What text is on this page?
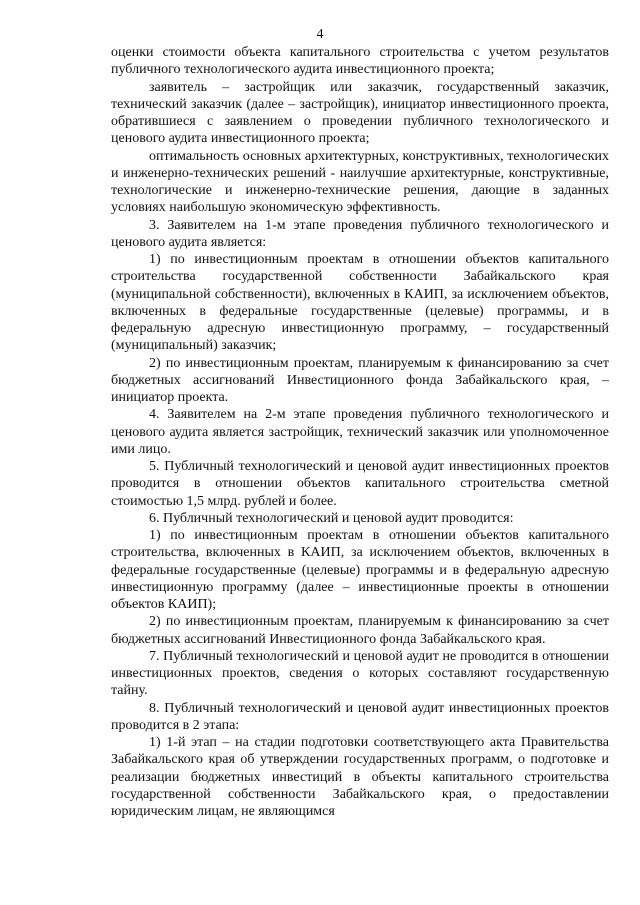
4

оценки стоимости объекта капитального строительства с учетом результатов публичного технологического аудита инвестиционного проекта;

заявитель – застройщик или заказчик, государственный заказчик, технический заказчик (далее – застройщик), инициатор инвестиционного проекта, обратившиеся с заявлением о проведении публичного технологического и ценового аудита инвестиционного проекта;

оптимальность основных архитектурных, конструктивных, технологических и инженерно-технических решений - наилучшие архитектурные, конструктивные, технологические и инженерно-технические решения, дающие в заданных условиях наибольшую экономическую эффективность.

3. Заявителем на 1-м этапе проведения публичного технологического и ценового аудита является:

1) по инвестиционным проектам в отношении объектов капитального строительства государственной собственности Забайкальского края (муниципальной собственности), включенных в КАИП, за исключением объектов, включенных в федеральные государственные (целевые) программы, и в федеральную адресную инвестиционную программу, – государственный (муниципальный) заказчик;

2) по инвестиционным проектам, планируемым к финансированию за счет бюджетных ассигнований Инвестиционного фонда Забайкальского края, – инициатор проекта.

4. Заявителем на 2-м этапе проведения публичного технологического и ценового аудита является застройщик, технический заказчик или уполномоченное ими лицо.

5. Публичный технологический и ценовой аудит инвестиционных проектов проводится в отношении объектов капитального строительства сметной стоимостью 1,5 млрд. рублей и более.

6. Публичный технологический и ценовой аудит проводится:

1) по инвестиционным проектам в отношении объектов капитального строительства, включенных в КАИП, за исключением объектов, включенных в федеральные государственные (целевые) программы и в федеральную адресную инвестиционную программу (далее – инвестиционные проекты в отношении объектов КАИП);

2) по инвестиционным проектам, планируемым к финансированию за счет бюджетных ассигнований Инвестиционного фонда Забайкальского края.

7. Публичный технологический и ценовой аудит не проводится в отношении инвестиционных проектов, сведения о которых составляют государственную тайну.

8. Публичный технологический и ценовой аудит инвестиционных проектов проводится в 2 этапа:

1) 1-й этап – на стадии подготовки соответствующего акта Правительства Забайкальского края об утверждении государственных программ, о подготовке и реализации бюджетных инвестиций в объекты капитального строительства государственной собственности Забайкальского края, о предоставлении юридическим лицам, не являющимся
